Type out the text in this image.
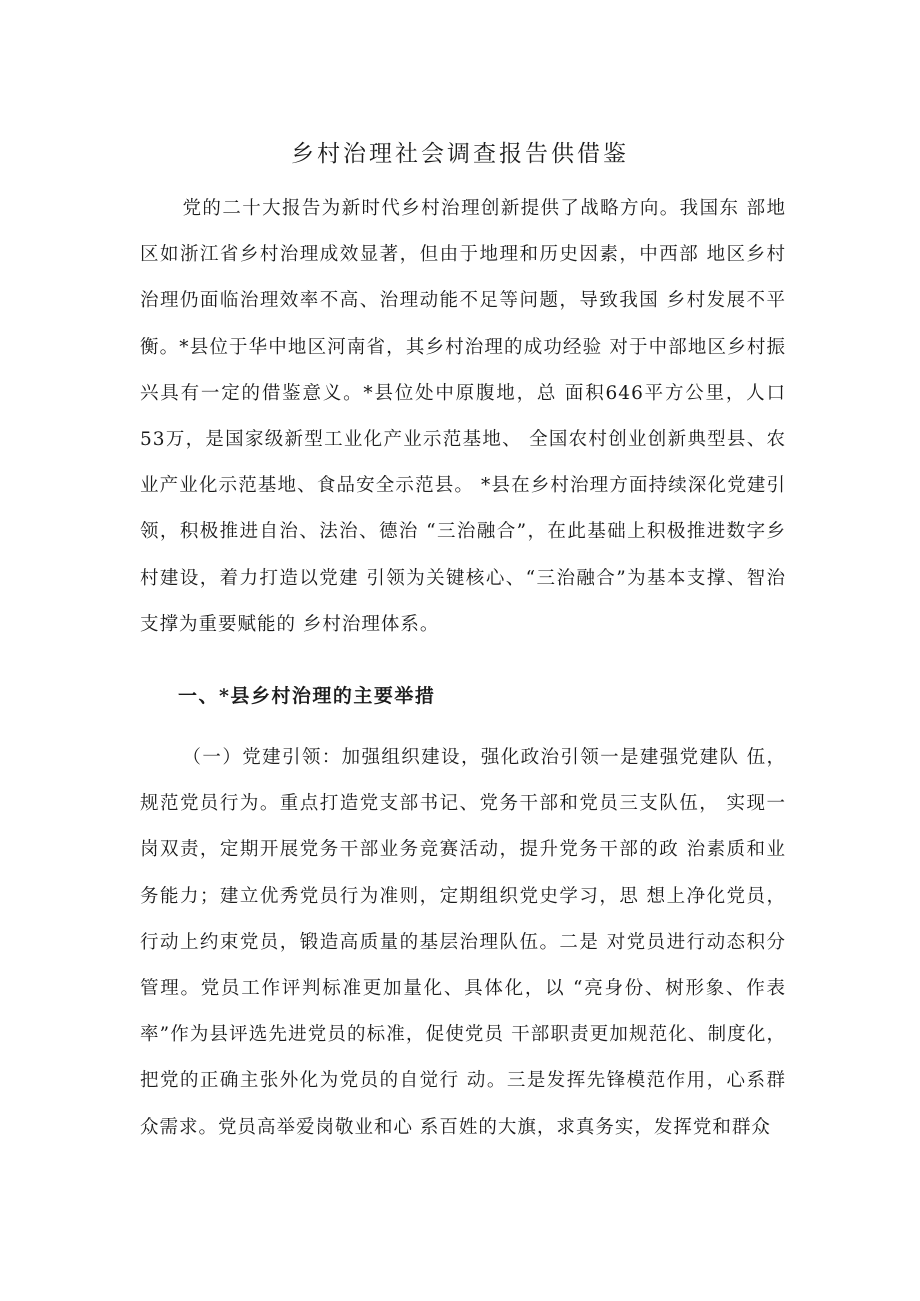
乡村治理社会调查报告供借鉴

党的二十大报告为新时代乡村治理创新提供了战略方向。我国东 部地区如浙江省乡村治理成效显著，但由于地理和历史因素，中西部 地区乡村治理仍面临治理效率不高、治理动能不足等问题，导致我国 乡村发展不平衡。*县位于华中地区河南省，其乡村治理的成功经验 对于中部地区乡村振兴具有一定的借鉴意义。*县位处中原腹地，总 面积646平方公里，人口53万，是国家级新型工业化产业示范基地、 全国农村创业创新典型县、农业产业化示范基地、食品安全示范县。 *县在乡村治理方面持续深化党建引领，积极推进自治、法治、德治 “三治融合”，在此基础上积极推进数字乡村建设，着力打造以党建 引领为关键核心、“三治融合”为基本支撑、智治支撑为重要赋能的 乡村治理体系。

一、*县乡村治理的主要举措

（一）党建引领：加强组织建设，强化政治引领一是建强党建队 伍，规范党员行为。重点打造党支部书记、党务干部和党员三支队伍， 实现一岗双责，定期开展党务干部业务竞赛活动，提升党务干部的政 治素质和业务能力；建立优秀党员行为准则，定期组织党史学习，思 想上净化党员，行动上约束党员，锻造高质量的基层治理队伍。二是 对党员进行动态积分管理。党员工作评判标准更加量化、具体化，以 “亮身份、树形象、作表率”作为县评选先进党员的标准，促使党员 干部职责更加规范化、制度化，把党的正确主张外化为党员的自觉行 动。三是发挥先锋模范作用，心系群众需求。党员高举爱岗敬业和心 系百姓的大旗，求真务实，发挥党和群众
